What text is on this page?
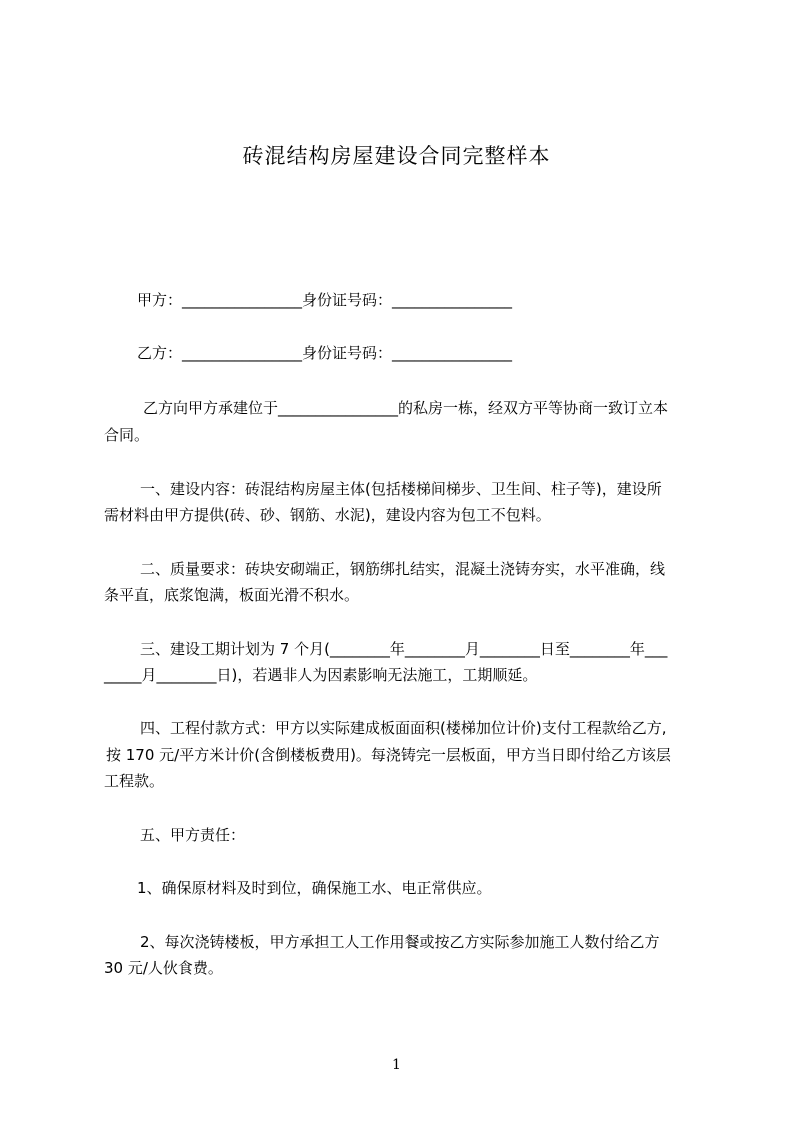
砖混结构房屋建设合同完整样本
甲方：________________身份证号码：________________
乙方：________________身份证号码：________________
乙方向甲方承建位于________________的私房一栋，经双方平等协商一致订立本
合同。
一、建设内容：砖混结构房屋主体(包括楼梯间梯步、卫生间、柱子等)，建设所
需材料由甲方提供(砖、砂、钢筋、水泥)，建设内容为包工不包料。
二、质量要求：砖块安砌端正，钢筋绑扎结实，混凝土浇铸夯实，水平准确，线
条平直，底浆饱满，板面光滑不积水。
三、建设工期计划为 7 个月(________年________月________日至________年___
_____月________日)，若遇非人为因素影响无法施工，工期顺延。
四、工程付款方式：甲方以实际建成板面面积(楼梯加位计价)支付工程款给乙方,
按 170 元/平方米计价(含倒楼板费用)。每浇铸完一层板面，甲方当日即付给乙方该层
工程款。
五、甲方责任：
1、确保原材料及时到位，确保施工水、电正常供应。
2、每次浇铸楼板，甲方承担工人工作用餐或按乙方实际参加施工人数付给乙方
30 元/人伙食费。
1
